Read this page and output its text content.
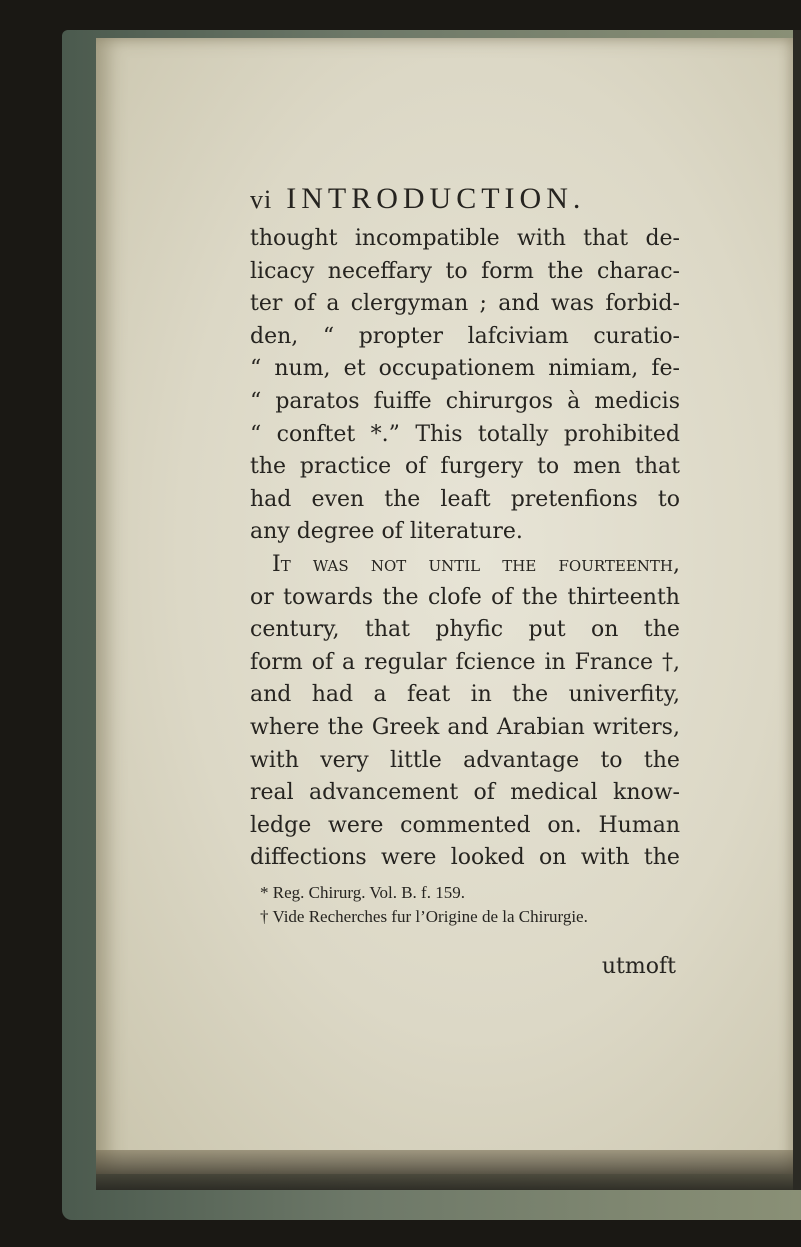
vi INTRODUCTION.
thought incompatible with that de-
licacy neceffary to form the charac-
ter of a clergyman ; and was forbid-
den, “ propter lafciviam curatio-
“ num, et occupationem nimiam, fe-
“ paratos fuiffe chirurgos à medicis
“ conftet *.” This totally prohibited
the practice of furgery to men that
had even the leaft pretenfions to
any degree of literature.
It was not until the fourteenth,
or towards the clofe of the thirteenth
century, that phyfic put on the
form of a regular fcience in France †,
and had a feat in the univerfity,
where the Greek and Arabian writers,
with very little advantage to the
real advancement of medical know-
ledge were commented on. Human
diffections were looked on with the
* Reg. Chirurg. Vol. B. f. 159.
† Vide Recherches fur l’Origine de la Chirurgie.
utmoft
